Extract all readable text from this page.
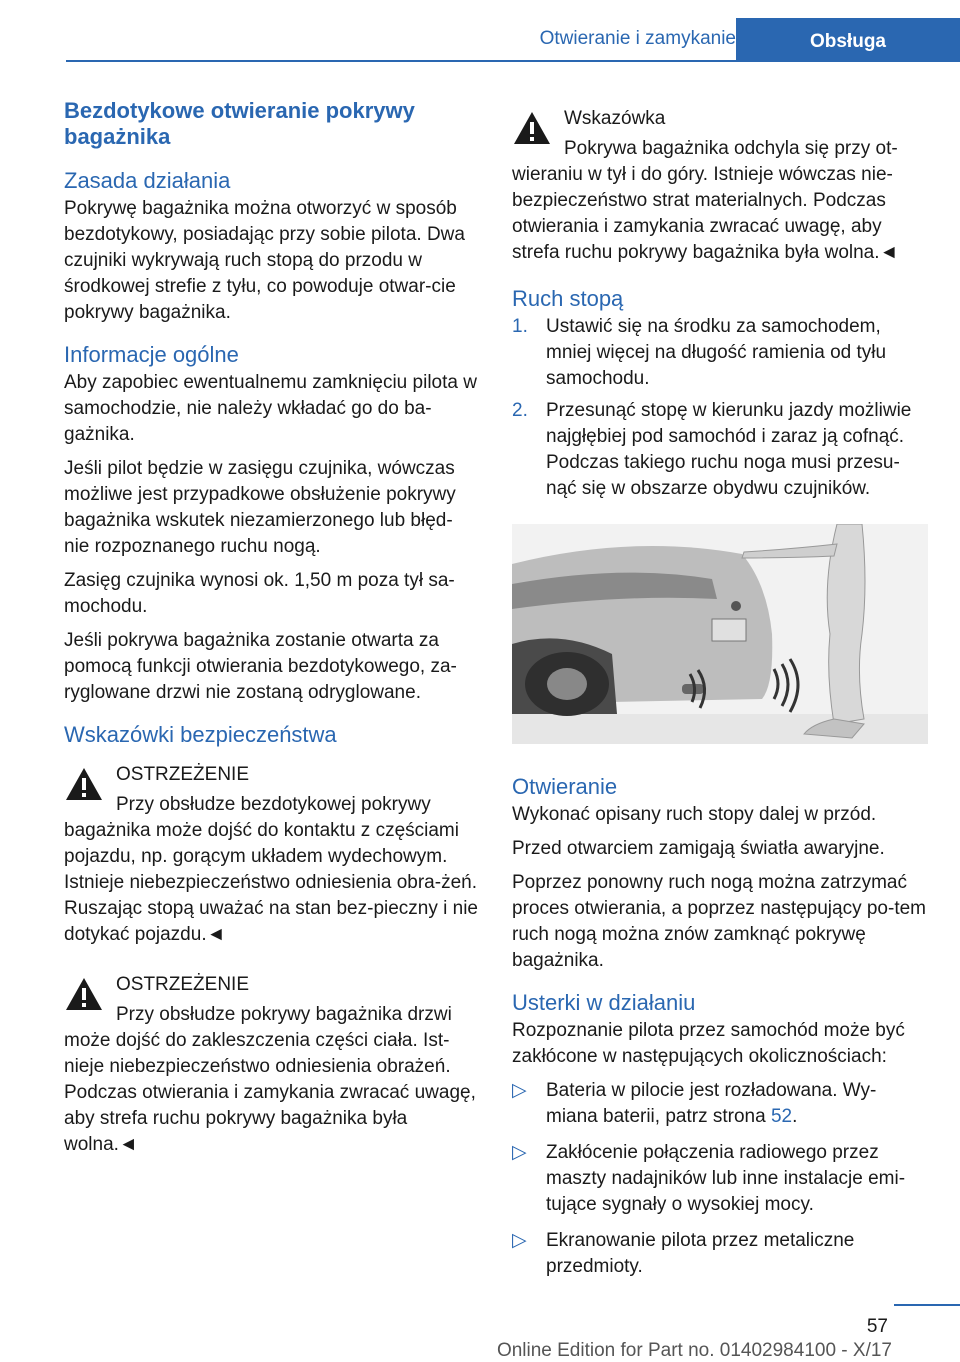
Otwieranie i zamykanie	Obsługa
Bezdotykowe otwieranie pokrywy bagażnika
Zasada działania

Pokrywę bagażnika można otworzyć w sposób bezdotykowy, posiadając przy sobie pilota. Dwa czujniki wykrywają ruch stopą do przodu w środkowej strefie z tyłu, co powoduje otwar‐cie pokrywy bagażnika.

Informacje ogólne

Aby zapobiec ewentualnemu zamknięciu pilota w samochodzie, nie należy wkładać go do ba‐gażnika.

Jeśli pilot będzie w zasięgu czujnika, wówczas możliwe jest przypadkowe obsłużenie pokrywy bagażnika wskutek niezamierzonego lub błęd‐nie rozpoznanego ruchu nogą.

Zasięg czujnika wynosi ok. 1,50 m poza tył sa‐mochodu.

Jeśli pokrywa bagażnika zostanie otwarta za pomocą funkcji otwierania bezdotykowego, za‐ryglowane drzwi nie zostaną odryglowane.

Wskazówki bezpieczeństwa
OSTRZEŻENIE
Przy obsłudze bezdotykowej pokrywy bagażnika może dojść do kontaktu z częściami pojazdu, np. gorącym układem wydechowym. Istnieje niebezpieczeństwo odniesienia obra‐żeń. Ruszając stopą uważać na stan bez‐pieczny i nie dotykać pojazdu.◄
OSTRZEŻENIE
Przy obsłudze pokrywy bagażnika drzwi może dojść do zakleszczenia części ciała. Ist‐nieje niebezpieczeństwo odniesienia obrażeń. Podczas otwierania i zamykania zwracać uwagę, aby strefa ruchu pokrywy bagażnika była wolna.◄
Wskazówka
Pokrywa bagażnika odchyla się przy ot‐wieraniu w tył i do góry. Istnieje wówczas nie‐bezpieczeństwo strat materialnych. Podczas otwierania i zamykania zwracać uwagę, aby strefa ruchu pokrywy bagażnika była wolna.◄
Ruch stopą
1. Ustawić się na środku za samochodem, mniej więcej na długość ramienia od tyłu samochodu.
2. Przesunąć stopę w kierunku jazdy możliwie najgłębiej pod samochód i zaraz ją cofnąć. Podczas takiego ruchu noga musi przesu‐nąć się w obszarze obydwu czujników.
Otwieranie

Wykonać opisany ruch stopy dalej w przód.

Przed otwarciem zamigają światła awaryjne.

Poprzez ponowny ruch nogą można zatrzymać proces otwierania, a poprzez następujący po‐tem ruch nogą można znów zamknąć pokrywę bagażnika.

Usterki w działaniu

Rozpoznanie pilota przez samochód może być zakłócone w następujących okolicznościach:

▷ Bateria w pilocie jest rozładowana. Wy‐miana baterii, patrz strona 52.
▷ Zakłócenie połączenia radiowego przez maszty nadajników lub inne instalacje emi‐tujące sygnały o wysokiej mocy.
▷ Ekranowanie pilota przez metaliczne przedmioty.
57
Online Edition for Part no. 01402984100 - X/17
